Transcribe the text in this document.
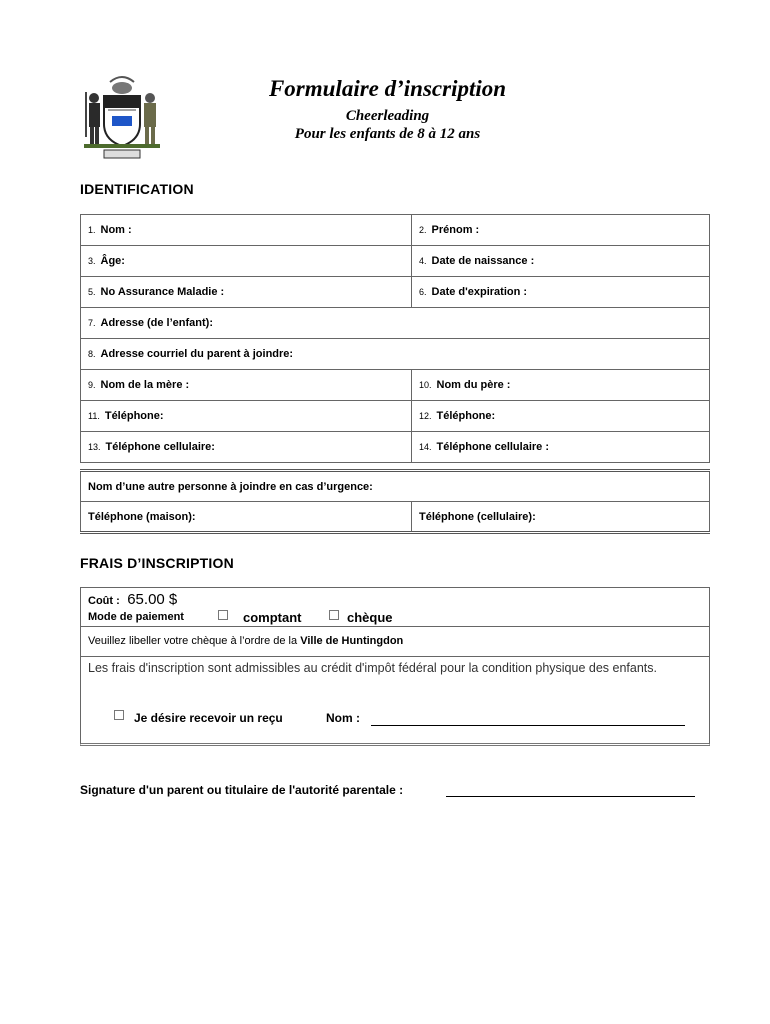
Formulaire d’inscription
Cheerleading
Pour les enfants de 8 à 12 ans
IDENTIFICATION
1. Nom :	2. Prénom :
3. Âge:	4. Date de naissance :
5. No Assurance Maladie :	6. Date d'expiration :
7. Adresse (de l’enfant):	
8. Adresse courriel du parent à joindre:	
9. Nom de la mère :	10. Nom du père :
11. Téléphone:	12. Téléphone:
13. Téléphone cellulaire:	14. Téléphone cellulaire :
Nom d’une autre personne à joindre en cas d’urgence:
Téléphone (maison):	Téléphone (cellulaire):
FRAIS D’INSCRIPTION
Coût : 65.00 $
Mode de paiement	comptant	chèque
Veuillez libeller votre chèque à l’ordre de la Ville de Huntingdon
Les frais d'inscription sont admissibles au crédit d'impôt fédéral pour la condition physique des enfants.
Je désire recevoir un reçu	Nom :
Signature d'un parent ou titulaire de l'autorité parentale :
